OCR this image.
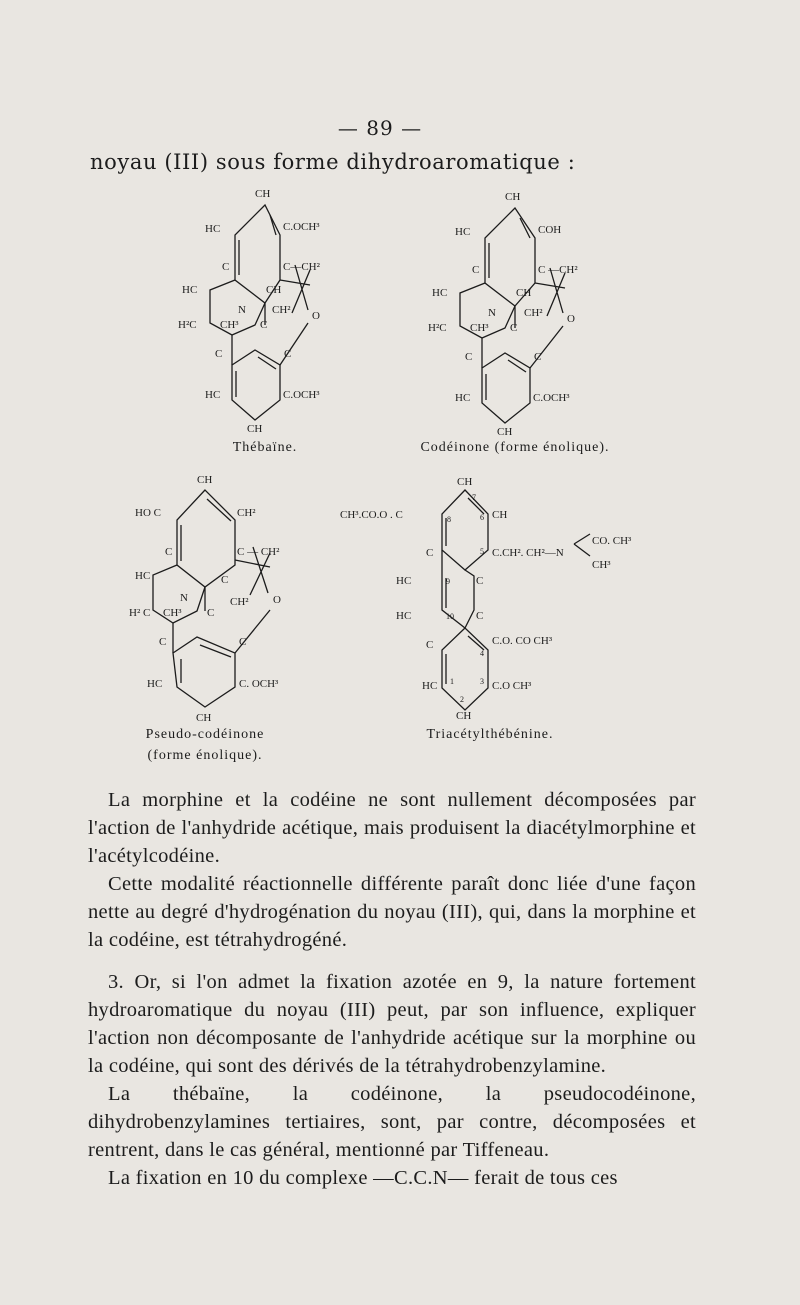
— 89 —
noyau (III) sous forme dihydroaromatique :
CH
HC	C.OCH³
C	C—CH²
HC	CH
N CH² O
H²C CH³ C
C	C
HC	C.OCH³
CH
Thébaïne.
CH
HC	COH
C	C —CH²
HC	CH
N	CH² O
H²C CH³ C
C	C
HC	C.OCH³
CH
Codéinone (forme énolique).
CH
HO C	CH²
C	C — CH²
HC	C
N	CH² O
H² C CH³ C
C	C
HC	C. OCH³
CH
Pseudo-codéinone
(forme énolique).
CH
CH³.CO.O . C	CH
C	C.CH². CH²—N
CO. CH³
CH³
HC
HC
C
C
C	C.O. CO CH³
HC	C.O CH³
CH
7
8	6
5
9
10
4
3
1
2
Triacétylthébénine.

La morphine et la codéine ne sont nullement décomposées par l'action de l'anhydride acétique, mais produisent la diacétylmorphine et l'acétylcodéine.

Cette modalité réactionnelle différente paraît donc liée d'une façon nette au degré d'hydrogénation du noyau (III), qui, dans la morphine et la codéine, est tétrahydrogéné.

3. Or, si l'on admet la fixation azotée en 9, la nature fortement hydroaromatique du noyau (III) peut, par son influence, expliquer l'action non décomposante de l'anhydride acétique sur la morphine ou la codéine, qui sont des dérivés de la tétrahydrobenzylamine.

La thébaïne, la codéinone, la pseudocodéinone, dihydrobenzylamines tertiaires, sont, par contre, décomposées et rentrent, dans le cas général, mentionné par Tiffeneau.

La fixation en 10 du complexe —C.C.N— ferait de tous ces
